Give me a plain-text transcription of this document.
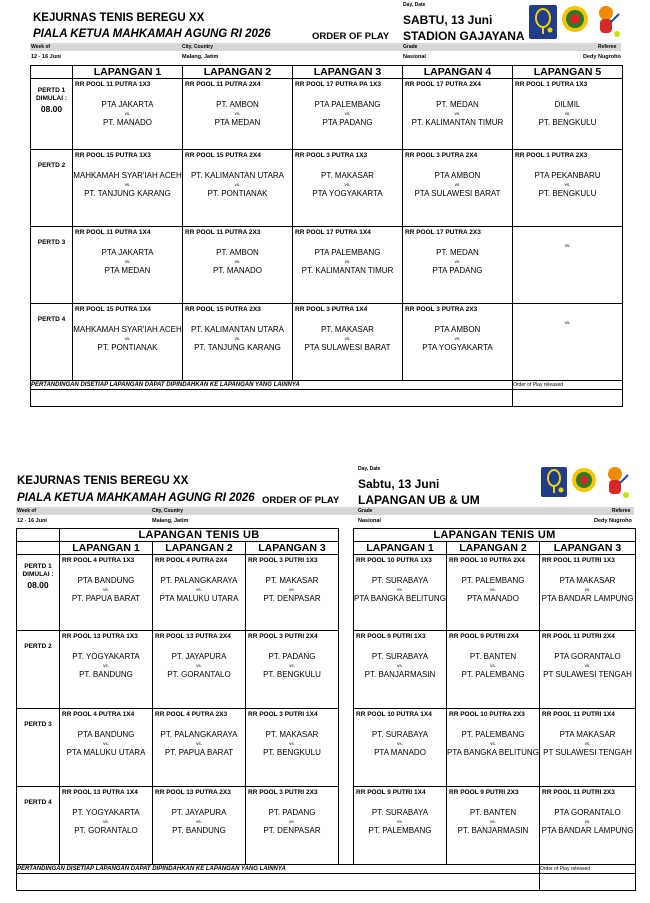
KEJURNAS TENIS BEREGU XX
PIALA KETUA MAHKAMAH AGUNG RI 2026	ORDER OF PLAY
Day, Date
SABTU, 13 Juni
STADION GAJAYANA
Week of	City, Country	Grade	Referee
12 - 16 Juni	Malang, Jatim	Nasional	Dedy Nugroho
	LAPANGAN 1	LAPANGAN 2	LAPANGAN 3	LAPANGAN 4	LAPANGAN 5

PERTD 1
DIMULAI :
08.00	RR POOL 11 PUTRA 1X3
PTA JAKARTA
vs.
PT. MANADO	RR POOL 11 PUTRA 2X4
PT. AMBON
vs.
PTA MEDAN	RR POOL 17 PUTRA PA 1X3
PTA PALEMBANG
vs.
PTA PADANG	RR POOL 17 PUTRA 2X4
PT. MEDAN
vs.
PT. KALIMANTAN TIMUR	RR POOL 1 PUTRA 1X3
DILMIL
vs.
PT. BENGKULU

PERTD 2	RR POOL 15 PUTRA 1X3
MAHKAMAH SYAR'IAH ACEH
vs.
PT. TANJUNG KARANG	RR POOL 15 PUTRA 2X4
PT. KALIMANTAN UTARA
vs.
PT. PONTIANAK	RR POOL 3 PUTRA 1X3
PT. MAKASAR
vs.
PTA YOGYAKARTA	RR POOL 3 PUTRA 2X4
PTA AMBON
vs.
PTA SULAWESI BARAT	RR POOL 1 PUTRA 2X3
PTA PEKANBARU
vs.
PT. BENGKULU

PERTD 3	RR POOL 11 PUTRA 1X4
PTA JAKARTA
vs.
PTA MEDAN	RR POOL 11 PUTRA 2X3
PT. AMBON
vs.
PT. MANADO	RR POOL 17 PUTRA 1X4
PTA PALEMBANG
vs.
PT. KALIMANTAN TIMUR	RR POOL 17 PUTRA 2X3
PT. MEDAN
vs.
PTA PADANG	vs.

PERTD 4	RR POOL 15 PUTRA 1X4
MAHKAMAH SYAR'IAH ACEH
vs.
PT. PONTIANAK	RR POOL 15 PUTRA 2X3
PT. KALIMANTAN UTARA
vs.
PT. TANJUNG KARANG	RR POOL 3 PUTRA 1X4
PT. MAKASAR
vs.
PTA SULAWESI BARAT	RR POOL 3 PUTRA 2X3
PTA AMBON
vs.
PTA YOGYAKARTA	vs.

PERTANDINGAN DISETIAP LAPANGAN DAPAT DIPINDAHKAN KE LAPANGAN YANG LAINNYA					Order of Play released

KEJURNAS TENIS BEREGU XX
PIALA KETUA MAHKAMAH AGUNG RI 2026 ORDER OF PLAY
Day, Date
Sabtu, 13 Juni
LAPANGAN UB & UM
Week of	City, Country	Grade	Referee
12 - 16 Juni	Malang, Jatim	Nasional	Dedy Nugroho
	LAPANGAN TENIS UB				LAPANGAN TENIS UM		
	LAPANGAN 1	LAPANGAN 2	LAPANGAN 3		LAPANGAN 1	LAPANGAN 2	LAPANGAN 3

PERTD 1
DIMULAI :
08.00	RR POOL 4 PUTRA 1X3
PTA BANDUNG
vs.
PT. PAPUA BARAT	RR POOL 4 PUTRA 2X4
PT. PALANGKARAYA
vs.
PTA MALUKU UTARA	RR POOL 3 PUTRI 1X3
PT. MAKASAR
vs.
PT. DENPASAR		RR POOL 10 PUTRA 1X3
PT. SURABAYA
vs.
PTA BANGKA BELITUNG	RR POOL 10 PUTRA 2X4
PT. PALEMBANG
vs.
PTA MANADO	RR POOL 11 PUTRI 1X3
PTA MAKASAR
vs.
PTA BANDAR LAMPUNG

PERTD 2	RR POOL 13 PUTRA 1X3
PT. YOGYAKARTA
vs.
PT. BANDUNG	RR POOL 13 PUTRA 2X4
PT. JAYAPURA
vs.
PT. GORANTALO	RR POOL 3 PUTRI 2X4
PT. PADANG
vs.
PT. BENGKULU		RR POOL 9 PUTRI 1X3
PT. SURABAYA
vs.
PT. BANJARMASIN	RR POOL 9 PUTRI 2X4
PT. BANTEN
vs.
PT. PALEMBANG	RR POOL 11 PUTRI 2X4
PTA GORANTALO
vs.
PT SULAWESI TENGAH

PERTD 3	RR POOL 4 PUTRA 1X4
PTA BANDUNG
vs.
PTA MALUKU UTARA	RR POOL 4 PUTRA 2X3
PT. PALANGKARAYA
vs.
PT. PAPUA BARAT	RR POOL 3 PUTRI 1X4
PT. MAKASAR
vs.
PT. BENGKULU		RR POOL 10 PUTRA 1X4
PT. SURABAYA
vs.
PTA MANADO	RR POOL 10 PUTRA 2X3
PT. PALEMBANG
vs.
PTA BANGKA BELITUNG	RR POOL 11 PUTRI 1X4
PTA MAKASAR
vs.
PT SULAWESI TENGAH

PERTD 4	RR POOL 13 PUTRA 1X4
PT. YOGYAKARTA
vs.
PT. GORANTALO	RR POOL 13 PUTRA 2X3
PT. JAYAPURA
vs.
PT. BANDUNG	RR POOL 3 PUTRI 2X3
PT. PADANG
vs.
PT. DENPASAR		RR POOL 9 PUTRI 1X4
PT. SURABAYA
vs.
PT. PALEMBANG	RR POOL 9 PUTRI 2X3
PT. BANTEN
vs.
PT. BANJARMASIN	RR POOL 11 PUTRI 2X3
PTA GORANTALO
vs.
PTA BANDAR LAMPUNG

PERTANDINGAN DISETIAP LAPANGAN DAPAT DIPINDAHKAN KE LAPANGAN YANG LAINNYA							Order of Play released
